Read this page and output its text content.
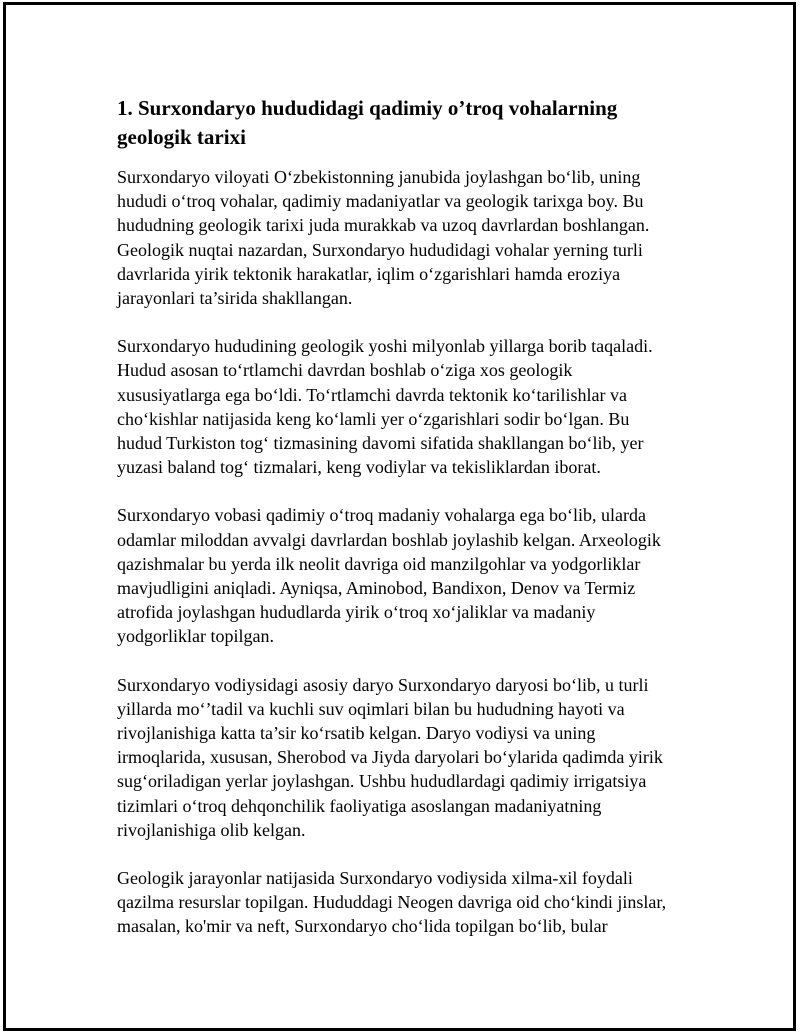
1. Surxondaryo hududidagi qadimiy o’troq vohalarning
geologik tarixi

Surxondaryo viloyati O‘zbekistonning janubida joylashgan bo‘lib, uning
hududi o‘troq vohalar, qadimiy madaniyatlar va geologik tarixga boy. Bu
hududning geologik tarixi juda murakkab va uzoq davrlardan boshlangan.
Geologik nuqtai nazardan, Surxondaryo hududidagi vohalar yerning turli
davrlarida yirik tektonik harakatlar, iqlim o‘zgarishlari hamda eroziya
jarayonlari ta’sirida shakllangan.

Surxondaryo hududining geologik yoshi milyonlab yillarga borib taqaladi.
Hudud asosan to‘rtlamchi davrdan boshlab o‘ziga xos geologik
xususiyatlarga ega bo‘ldi. To‘rtlamchi davrda tektonik ko‘tarilishlar va
cho‘kishlar natijasida keng ko‘lamli yer o‘zgarishlari sodir bo‘lgan. Bu
hudud Turkiston tog‘ tizmasining davomi sifatida shakllangan bo‘lib, yer
yuzasi baland tog‘ tizmalari, keng vodiylar va tekisliklardan iborat.

Surxondaryo vobasi qadimiy o‘troq madaniy vohalarga ega bo‘lib, ularda
odamlar miloddan avvalgi davrlardan boshlab joylashib kelgan. Arxeologik
qazishmalar bu yerda ilk neolit davriga oid manzilgohlar va yodgorliklar
mavjudligini aniqladi. Ayniqsa, Aminobod, Bandixon, Denov va Termiz
atrofida joylashgan hududlarda yirik o‘troq xo‘jaliklar va madaniy
yodgorliklar topilgan.

Surxondaryo vodiysidagi asosiy daryo Surxondaryo daryosi bo‘lib, u turli
yillarda mo‘’tadil va kuchli suv oqimlari bilan bu hududning hayoti va
rivojlanishiga katta ta’sir ko‘rsatib kelgan. Daryo vodiysi va uning
irmoqlarida, xususan, Sherobod va Jiyda daryolari bo‘ylarida qadimda yirik
sug‘oriladigan yerlar joylashgan. Ushbu hududlardagi qadimiy irrigatsiya
tizimlari o‘troq dehqonchilik faoliyatiga asoslangan madaniyatning
rivojlanishiga olib kelgan.

Geologik jarayonlar natijasida Surxondaryo vodiysida xilma-xil foydali
qazilma resurslar topilgan. Hududdagi Neogen davriga oid cho‘kindi jinslar,
masalan, ko'mir va neft, Surxondaryo cho‘lida topilgan bo‘lib, bular
